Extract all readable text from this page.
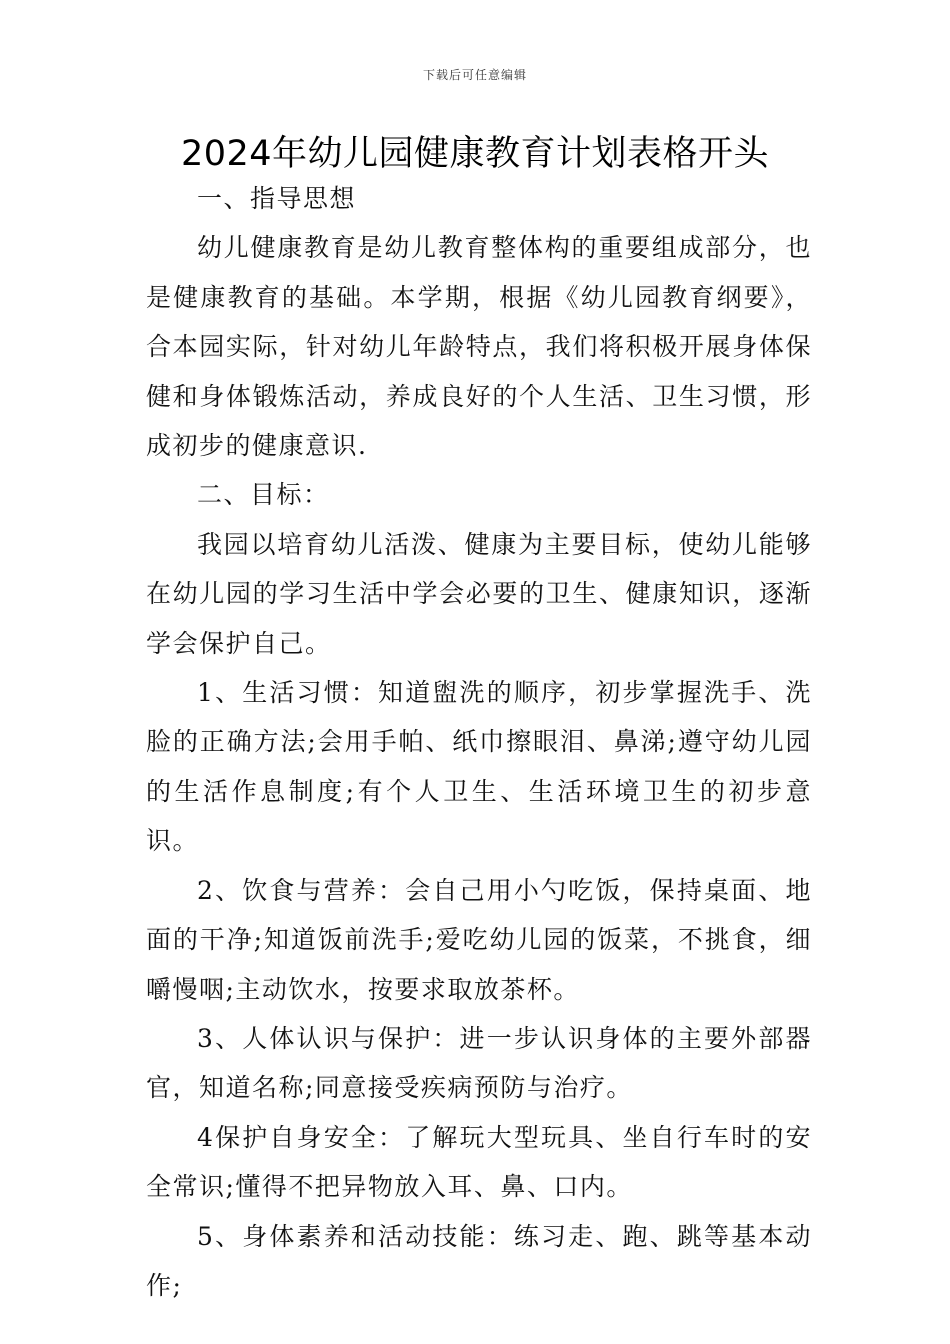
下载后可任意编辑
2024年幼儿园健康教育计划表格开头

一、指导思想

幼儿健康教育是幼儿教育整体构的重要组成部分，也是健康教育的基础。本学期，根据《幼儿园教育纲要》，合本园实际，针对幼儿年龄特点，我们将积极开展身体保健和身体锻炼活动，养成良好的个人生活、卫生习惯，形成初步的健康意识.

二、目标：

我园以培育幼儿活泼、健康为主要目标，使幼儿能够在幼儿园的学习生活中学会必要的卫生、健康知识，逐渐学会保护自己。

1、生活习惯：知道盥洗的顺序，初步掌握洗手、洗脸的正确方法;会用手帕、纸巾擦眼泪、鼻涕;遵守幼儿园的生活作息制度;有个人卫生、生活环境卫生的初步意识。

2、饮食与营养：会自己用小勺吃饭，保持桌面、地面的干净;知道饭前洗手;爱吃幼儿园的饭菜，不挑食，细嚼慢咽;主动饮水，按要求取放茶杯。

3、人体认识与保护：进一步认识身体的主要外部器官，知道名称;同意接受疾病预防与治疗。

4保护自身安全：了解玩大型玩具、坐自行车时的安全常识;懂得不把异物放入耳、鼻、口内。

5、身体素养和活动技能：练习走、跑、跳等基本动作;
